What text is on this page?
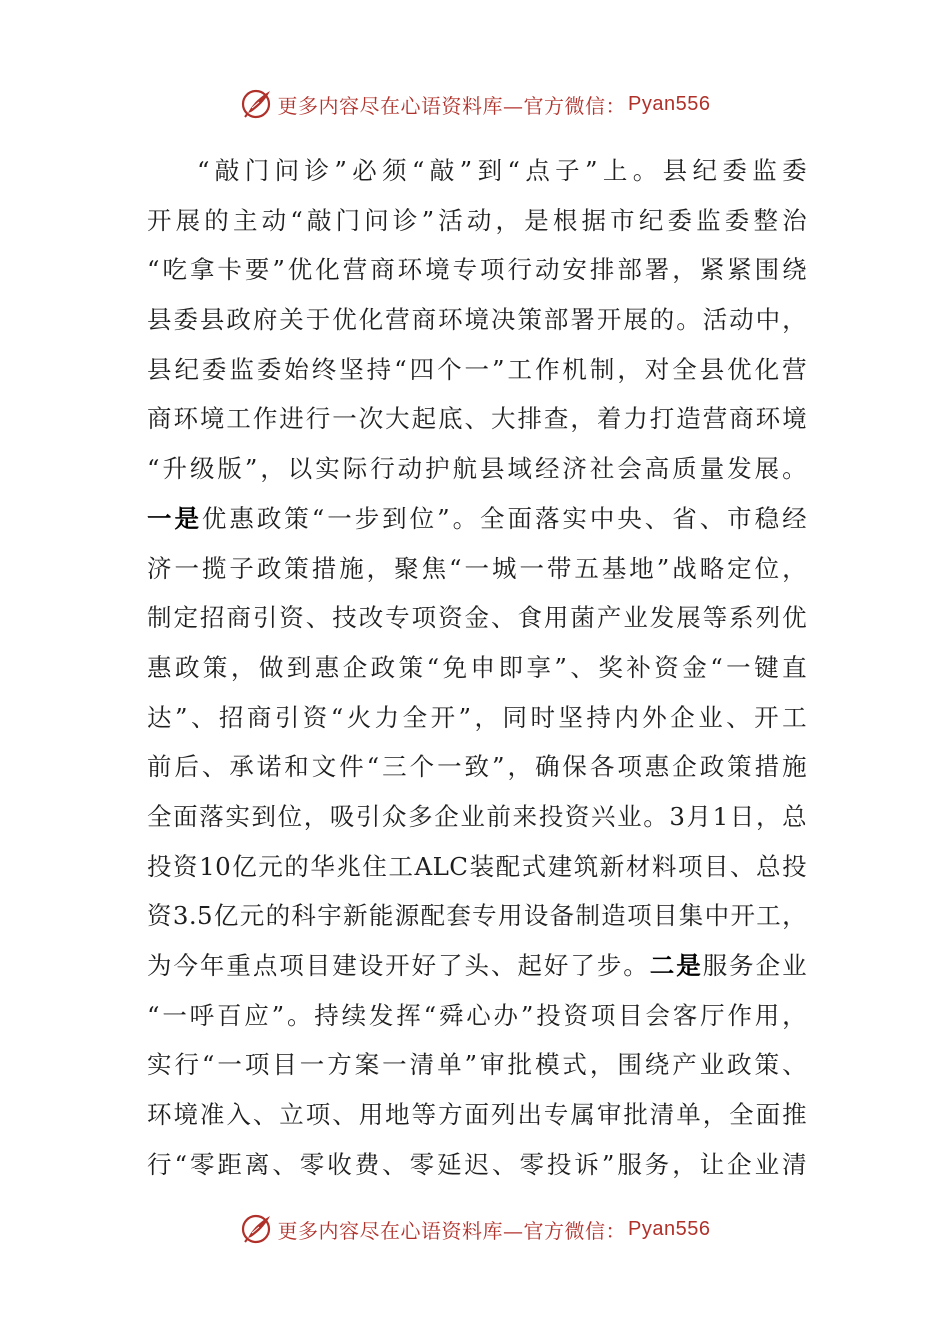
更多内容尽在心语资料库—官方微信： Pyan556
“敲门问诊”必须“敲”到“点子”上。县纪委监委
开展的主动“敲门问诊”活动，是根据市纪委监委整治
“吃拿卡要”优化营商环境专项行动安排部署，紧紧围绕
县委县政府关于优化营商环境决策部署开展的。活动中，
县纪委监委始终坚持“四个一”工作机制，对全县优化营
商环境工作进行一次大起底、大排查，着力打造营商环境
“升级版”，以实际行动护航县域经济社会高质量发展。
一是优惠政策“一步到位”。全面落实中央、省、市稳经
济一揽子政策措施，聚焦“一城一带五基地”战略定位，
制定招商引资、技改专项资金、食用菌产业发展等系列优
惠政策，做到惠企政策“免申即享”、奖补资金“一键直
达”、招商引资“火力全开”，同时坚持内外企业、开工
前后、承诺和文件“三个一致”，确保各项惠企政策措施
全面落实到位，吸引众多企业前来投资兴业。3月1日，总
投资10亿元的华兆住工ALC装配式建筑新材料项目、总投
资3.5亿元的科宇新能源配套专用设备制造项目集中开工，
为今年重点项目建设开好了头、起好了步。二是服务企业
“一呼百应”。持续发挥“舜心办”投资项目会客厅作用，
实行“一项目一方案一清单”审批模式，围绕产业政策、
环境准入、立项、用地等方面列出专属审批清单，全面推
行“零距离、零收费、零延迟、零投诉”服务，让企业清
更多内容尽在心语资料库—官方微信： Pyan556
